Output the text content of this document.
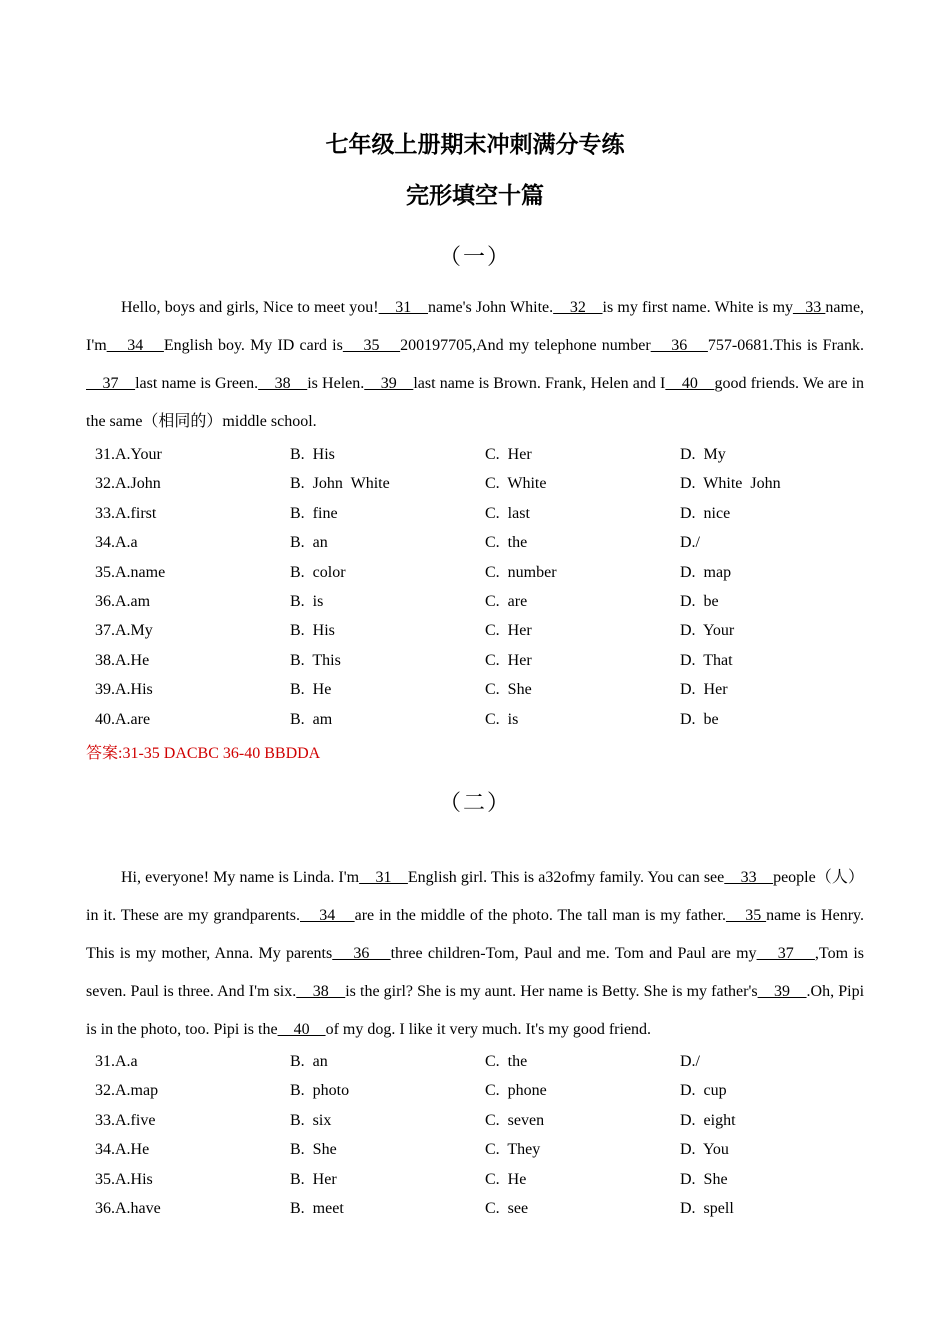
七年级上册期末冲刺满分专练
完形填空十篇
（一）

Hello, boys and girls, Nice to meet you!    31    name's John White.    32    is my first name. White is my_ 33 name, I'm    34    English boy. My ID card is    35    200197705,And my telephone number    36    757-0681.This is Frank.    37    last name is Green.    38    is Helen.    39    last name is Brown. Frank, Helen and I    40    good friends. We are in the same（相同的）middle school.

31.A.Your	B.  His	C.  Her	D.  My
32.A.John	B.  John  White	C.  White	D.  White  John
33.A.first	B.  fine	C.  last	D.  nice
34.A.a	B.  an	C.  the	D./
35.A.name	B.  color	C.  number	D.  map
36.A.am	B.  is	C.  are	D.  be
37.A.My	B.  His	C.  Her	D.  Your
38.A.He	B.  This	C.  Her	D.  That
39.A.His	B.  He	C.  She	D.  Her
40.A.are	B.  am	C.  is	D.  be
答案:31-35 DACBC 36-40 BBDDA
（二）

Hi, everyone! My name is Linda. I'm    31    English girl. This is a32ofmy family. You can see    33    people（人） in it. These are my grandparents.    34    are in the middle of the photo. The tall man is my father.    35 name is Henry. This is my mother, Anna. My parents    36    three children-Tom, Paul and me. Tom and Paul are my    37    ,Tom is seven. Paul is three. And I'm six.    38    is the girl? She is my aunt. Her name is Betty. She is my father's    39    .Oh, Pipi is in the photo, too. Pipi is the    40    of my dog. I like it very much. It's my good friend.

31.A.a	B.  an	C.  the	D./
32.A.map	B.  photo	C.  phone	D.  cup
33.A.five	B.  six	C.  seven	D.  eight
34.A.He	B.  She	C.  They	D.  You
35.A.His	B.  Her	C.  He	D.  She
36.A.have	B.  meet	C.  see	D.  spell
